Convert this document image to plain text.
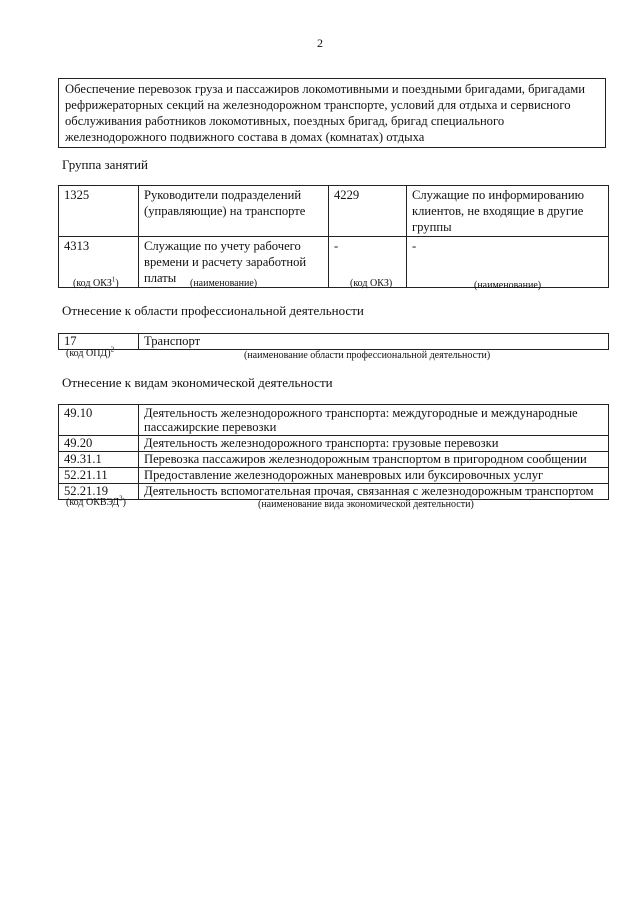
2
Обеспечение перевозок груза и пассажиров локомотивными и поездными бригадами, бригадами рефрижераторных секций на железнодорожном транспорте, условий для отдыха и сервисного обслуживания работников локомотивных, поездных бригад, бригад специального железнодорожного подвижного состава в домах (комнатах) отдыха
Группа занятий
1325	Руководители подразделений (управляющие) на транспорте	4229	Служащие по информированию клиентов, не входящие в другие группы
4313	Служащие по учету рабочего времени и расчету заработной платы	-	-
(код ОКЗ$^1$)	(наименование)	(код ОКЗ)	(наименование)
Отнесение к области профессиональной деятельности
17	Транспорт
(код ОПД)$^2$
(наименование области профессиональной деятельности)
Отнесение к видам экономической деятельности
49.10	Деятельность железнодорожного транспорта: междугородные и международные пассажирские перевозки
49.20	Деятельность железнодорожного транспорта: грузовые перевозки
49.31.1	Перевозка пассажиров железнодорожным транспортом в пригородном сообщении
52.21.11	Предоставление железнодорожных маневровых или буксировочных услуг
52.21.19	Деятельность вспомогательная прочая, связанная с железнодорожным транспортом
(код ОКВЭД$^3$)	(наименование вида экономической деятельности)
